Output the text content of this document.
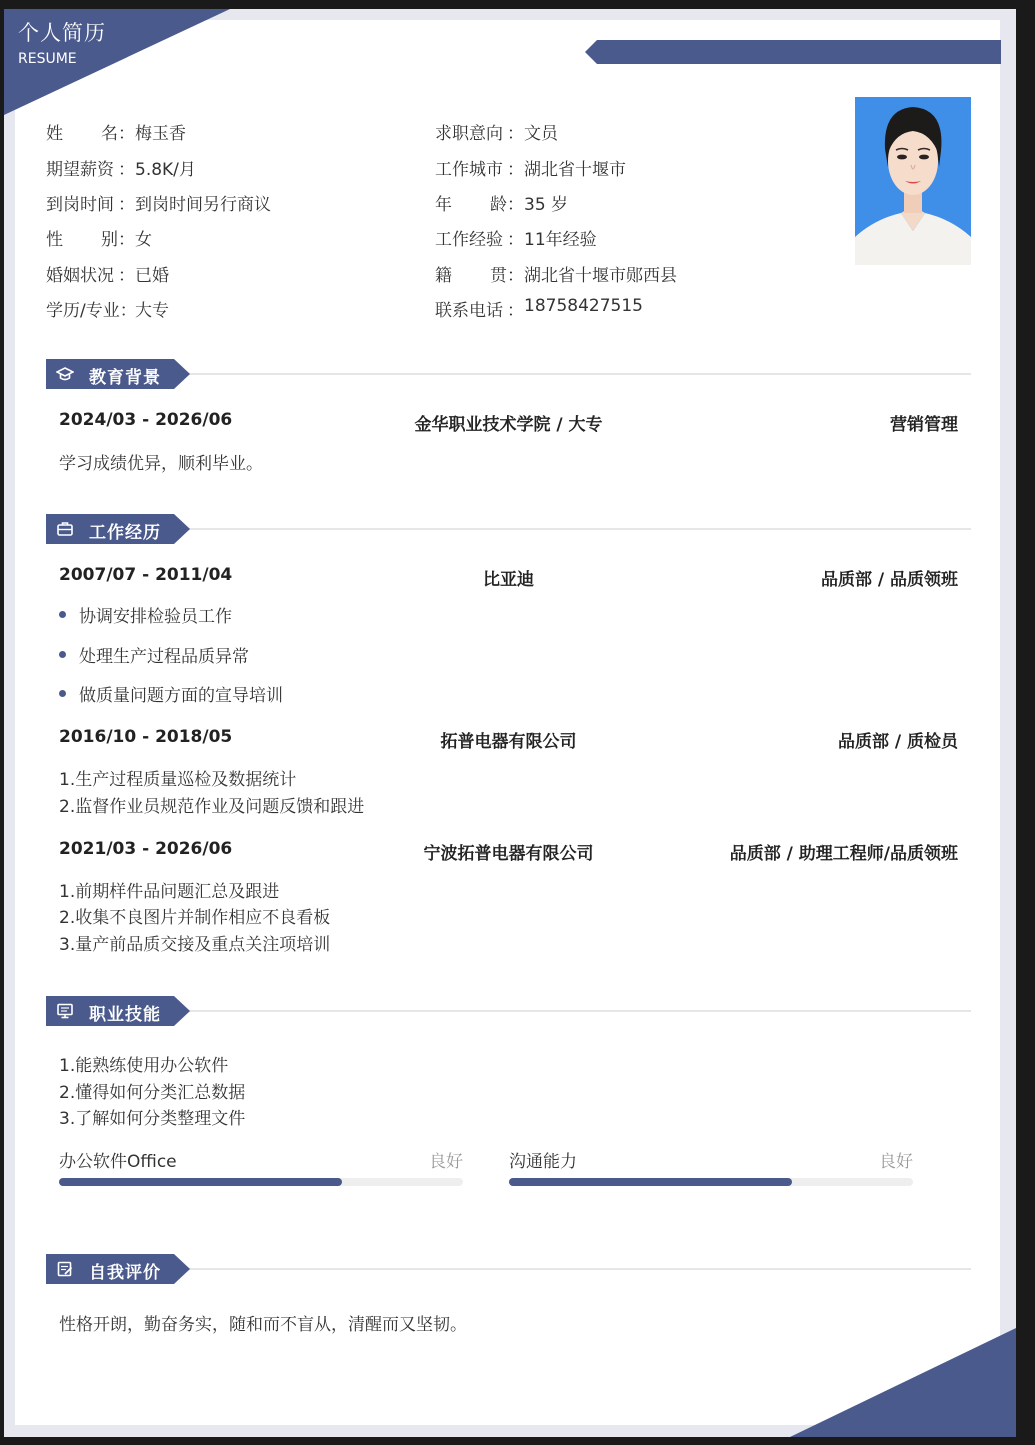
个人简历
RESUME
姓 名 ： 梅玉香
期望薪资 ： 5.8K/月
到岗时间 ： 到岗时间另行商议
性 别 ： 女
婚姻状况 ： 已婚
学历/专业 ：
大专
求职意向 ： 文员
工作城市 ： 湖北省十堰市
年 龄 ： 35 岁
工作经验 ： 11年经验
籍 贯 ： 湖北省十堰市郧西县
联系电话 ： 18758427515
教育背景
2024/03 - 2026/06	金华职业技术学院 / 大专	营销管理
学习成绩优异，顺利毕业。
工作经历
2007/07 - 2011/04	比亚迪	品质部 / 品质领班
协调安排检验员工作
处理生产过程品质异常
做质量问题方面的宣导培训
2016/10 - 2018/05	拓普电器有限公司	品质部 / 质检员
1.生产过程质量巡检及数据统计
2.监督作业员规范作业及问题反馈和跟进
2021/03 - 2026/06	宁波拓普电器有限公司	品质部 / 助理工程师/品质领班
1.前期样件品问题汇总及跟进
2.收集不良图片并制作相应不良看板
3.量产前品质交接及重点关注项培训
职业技能
1.能熟练使用办公软件
2.懂得如何分类汇总数据
3.了解如何分类整理文件
办公软件Office	良好	沟通能力	良好
自我评价
性格开朗，勤奋务实，随和而不盲从，清醒而又坚韧。
